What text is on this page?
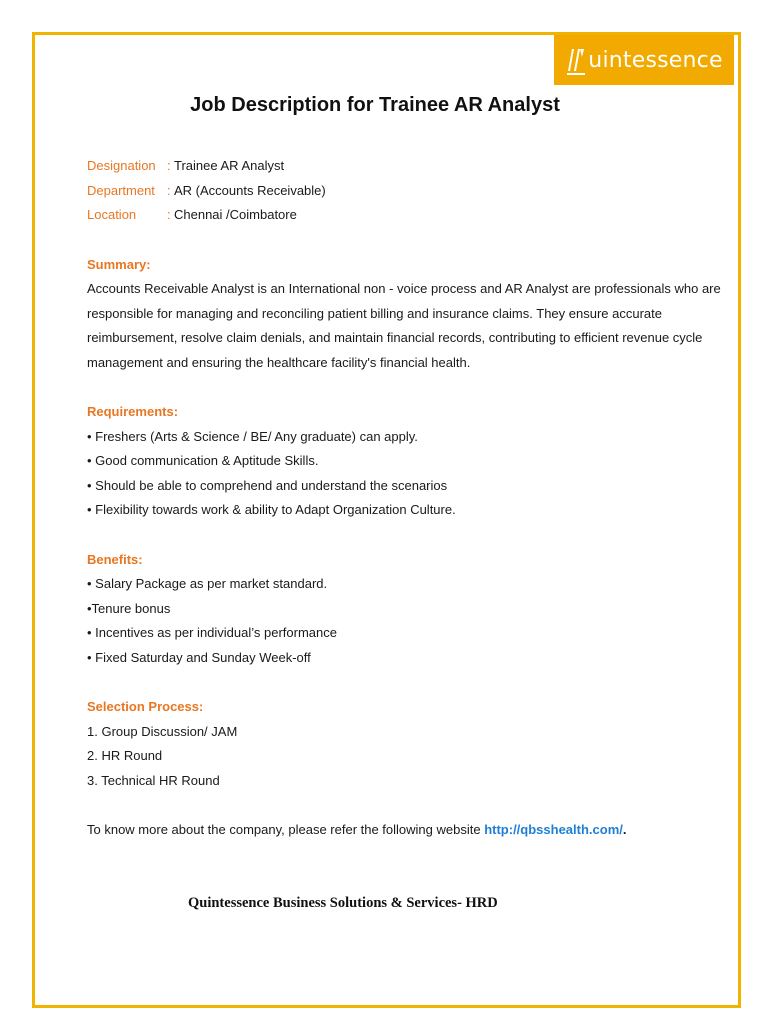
uintessence
Job Description for Trainee AR Analyst
Designation : Trainee AR Analyst
Department : AR (Accounts Receivable)
Location	: Chennai /Coimbatore

Summary:

Accounts Receivable Analyst is an International non - voice process and AR Analyst are professionals who are responsible for managing and reconciling patient billing and insurance claims. They ensure accurate reimbursement, resolve claim denials, and maintain financial records, contributing to efficient revenue cycle management and ensuring the healthcare facility's financial health.

Requirements:

• Freshers (Arts & Science / BE/ Any graduate) can apply.

• Good communication & Aptitude Skills.

• Should be able to comprehend and understand the scenarios

• Flexibility towards work & ability to Adapt Organization Culture.

Benefits:

• Salary Package as per market standard.

•Tenure bonus

• Incentives as per individual’s performance

• Fixed Saturday and Sunday Week-off

Selection Process:

1. Group Discussion/ JAM

2. HR Round

3. Technical HR Round

To know more about the company, please refer the following website http://qbsshealth.com/.

Quintessence Business Solutions & Services- HRD
